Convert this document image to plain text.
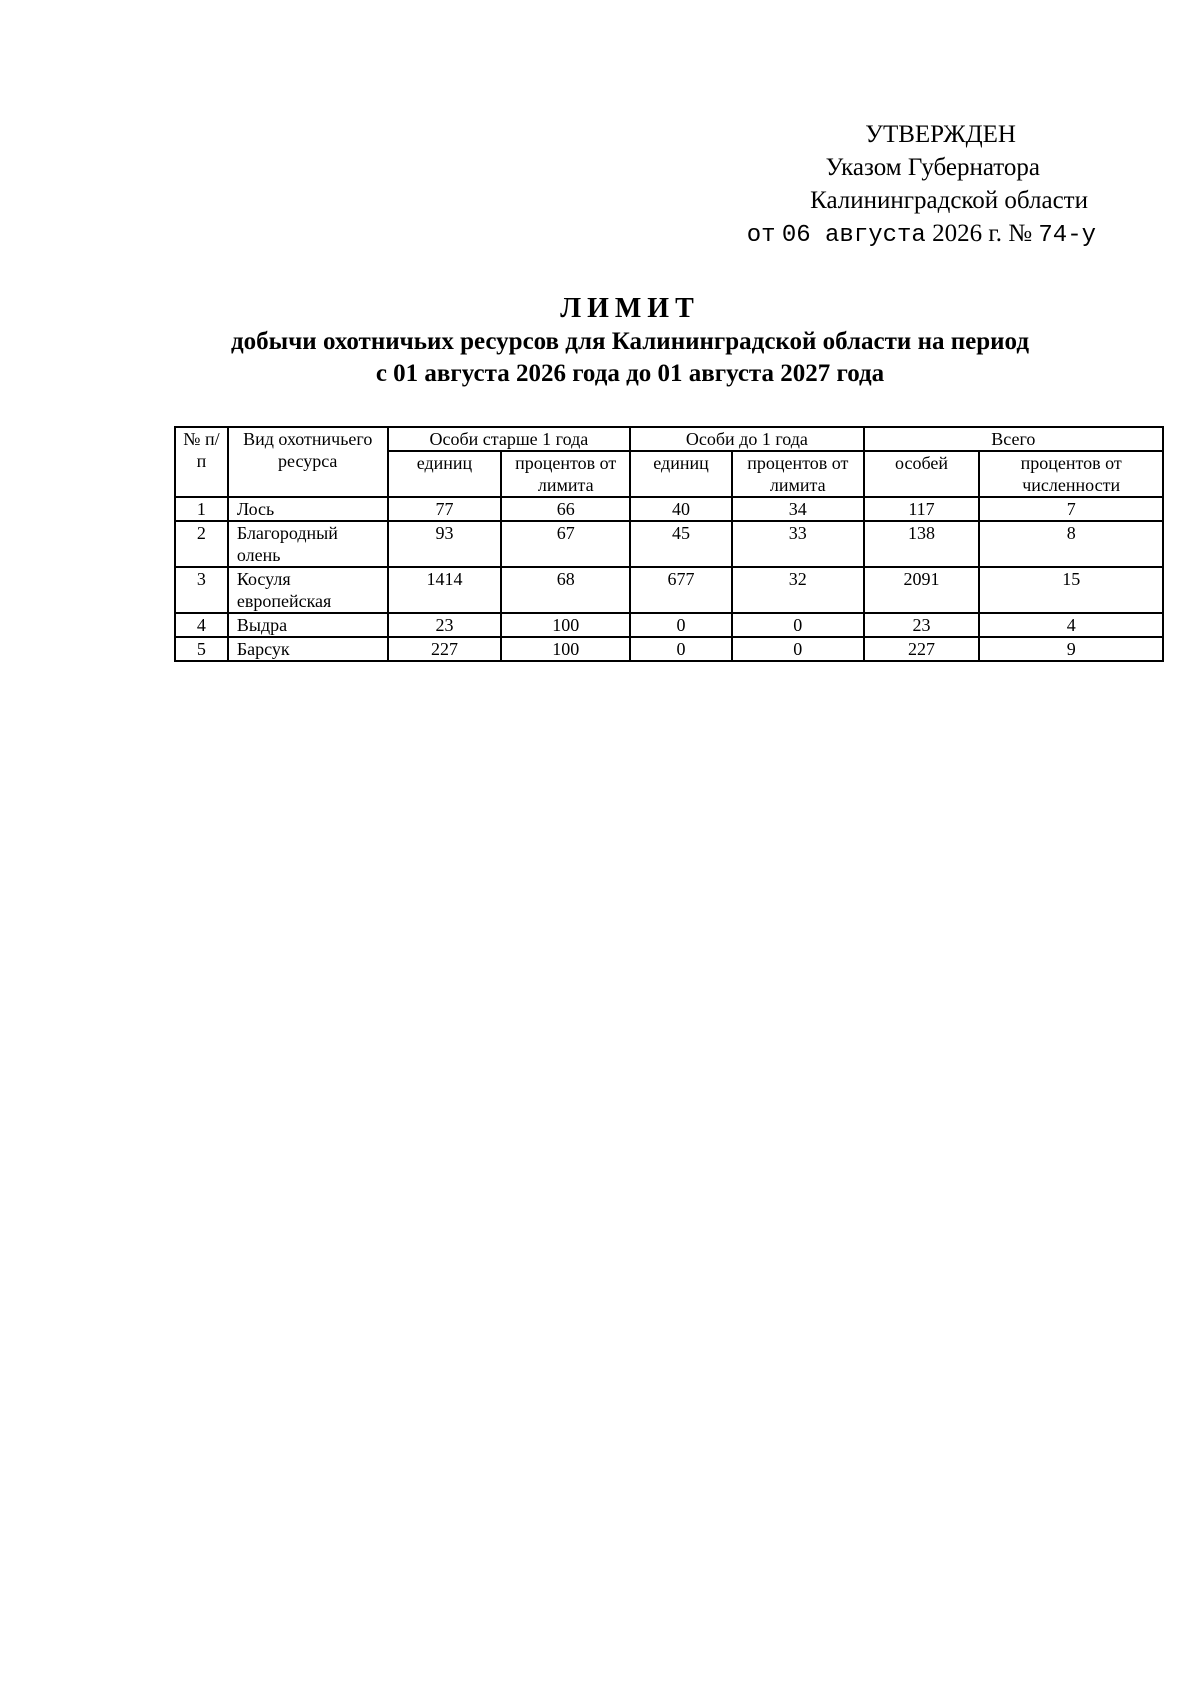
УТВЕРЖДЕН
Указом Губернатора
Калининградской области
от 06 августа 2026 г. № 74-у
ЛИМИТ
добычи охотничьих ресурсов для Калининградской области на период
с 01 августа 2026 года до 01 августа 2027 года
№ п/п	Вид охотничьего ресурса	Особи старше 1 года		Особи до 1 года		Всего	
		единиц	процентов от лимита	единиц	процентов от лимита	особей	процентов от численности
1	Лось	77	66	40	34	117	7
2	Благородный олень	93	67	45	33	138	8
3	Косуля европейская	1414	68	677	32	2091	15
4	Выдра	23	100	0	0	23	4
5	Барсук	227	100	0	0	227	9
